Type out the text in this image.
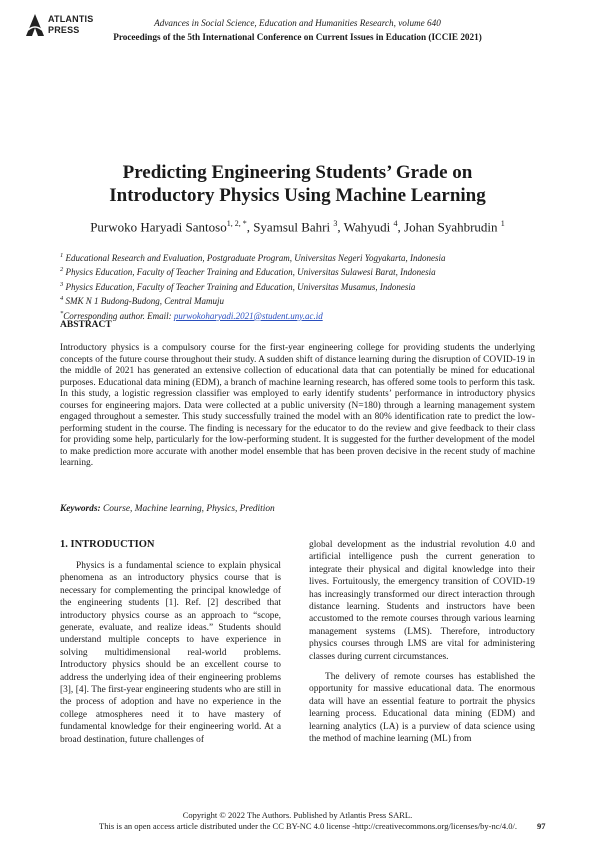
ATLANTIS
PRESS
Advances in Social Science, Education and Humanities Research, volume 640
Proceedings of the 5th International Conference on Current Issues in Education (ICCIE 2021)
Predicting Engineering Students’ Grade on
Introductory Physics Using Machine Learning
Purwoko Haryadi Santoso$^{1, 2, *}$, Syamsul Bahri $^3$, Wahyudi $^4$, Johan Syahbrudin $^1$
$^1$ Educational Research and Evaluation, Postgraduate Program, Universitas Negeri Yogyakarta, Indonesia
$^2$ Physics Education, Faculty of Teacher Training and Education, Universitas Sulawesi Barat, Indonesia
$^3$ Physics Education, Faculty of Teacher Training and Education, Universitas Musamus, Indonesia
$^4$ SMK N 1 Budong-Budong, Central Mamuju
*Corresponding author. Email: purwokoharyadi.2021@student.uny.ac.id
ABSTRACT

Introductory physics is a compulsory course for the first-year engineering college for providing students the underlying concepts of the future course throughout their study. A sudden shift of distance learning during the disruption of COVID-19 in the middle of 2021 has generated an extensive collection of educational data that can potentially be mined for educational purposes. Educational data mining (EDM), a branch of machine learning research, has offered some tools to perform this task. In this study, a logistic regression classifier was employed to early identify students’ performance in introductory physics courses for engineering majors. Data were collected at a public university (N=180) through a learning management system engaged throughout a semester. This study successfully trained the model with an 80% identification rate to predict the low-performing student in the course. The finding is necessary for the educator to do the review and give feedback to their class for providing some help, particularly for the low-performing student. It is suggested for the further development of the model to make prediction more accurate with another model ensemble that has been proven decisive in the recent study of machine learning.

Keywords: Course, Machine learning, Physics, Predition
1. INTRODUCTION

Physics is a fundamental science to explain physical phenomena as an introductory physics course that is necessary for complementing the principal knowledge of the engineering students [1]. Ref. [2] described that introductory physics course as an approach to “scope, generate, evaluate, and realize ideas.” Students should understand multiple concepts to have experience in solving multidimensional real-world problems. Introductory physics should be an excellent course to address the underlying idea of their engineering problems [3], [4]. The first-year engineering students who are still in the process of adoption and have no experience in the college atmospheres need it to have mastery of fundamental knowledge for their engineering world. At a broad destination, future challenges of

global development as the industrial revolution 4.0 and artificial intelligence push the current generation to integrate their physical and digital knowledge into their lives. Fortuitously, the emergency transition of COVID-19 has increasingly transformed our direct interaction through distance learning. Students and instructors have been accustomed to the remote courses through various learning management systems (LMS). Therefore, introductory physics courses through LMS are vital for administering classes during current circumstances.

The delivery of remote courses has established the opportunity for massive educational data. The enormous data will have an essential feature to portrait the physics learning process. Educational data mining (EDM) and learning analytics (LA) is a purview of data science using the method of machine learning (ML) from

Copyright © 2022 The Authors. Published by Atlantis Press SARL.
This is an open access article distributed under the CC BY-NC 4.0 license -http://creativecommons.org/licenses/by-nc/4.0/.	97
